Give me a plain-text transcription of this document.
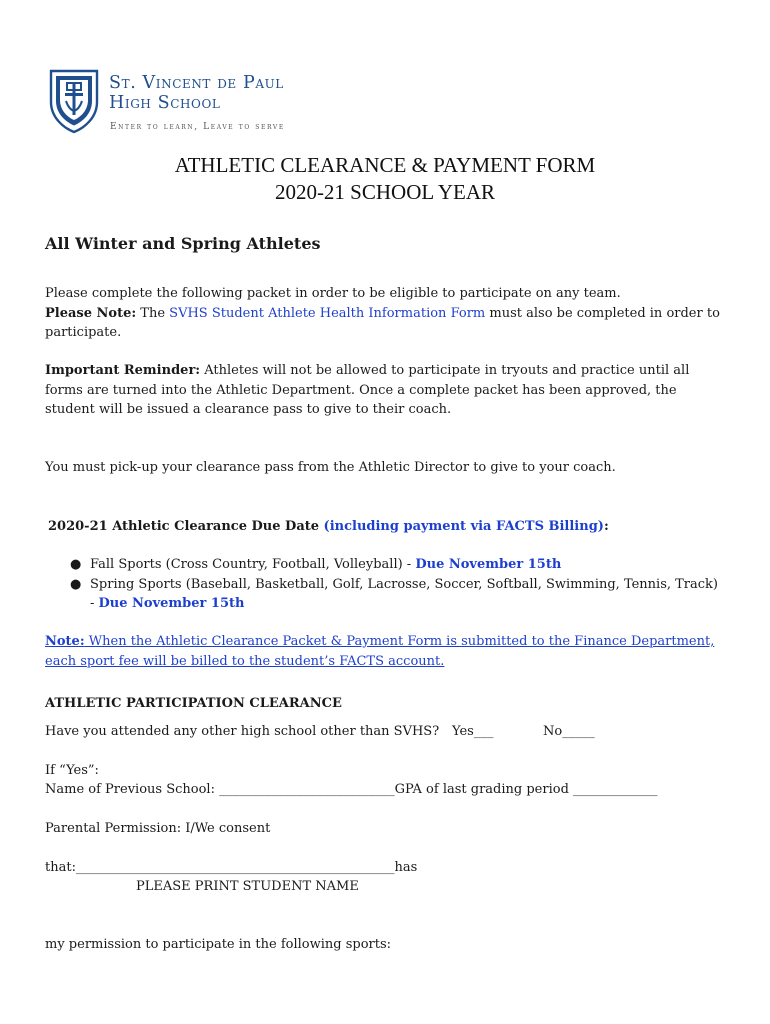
St. Vincent de Paul
High School
Enter to learn, Leave to serve
ATHLETIC CLEARANCE & PAYMENT FORM
2020-21 SCHOOL YEAR
All Winter and Spring Athletes
Please complete the following packet in order to be eligible to participate on any team.
Please Note: The SVHS Student Athlete Health Information Form must also be completed in order to participate.
Important Reminder: Athletes will not be allowed to participate in tryouts and practice until all forms are turned into the Athletic Department. Once a complete packet has been approved, the student will be issued a clearance pass to give to their coach.
You must pick-up your clearance pass from the Athletic Director to give to your coach.
2020-21 Athletic Clearance Due Date (including payment via FACTS Billing):
● Fall Sports (Cross Country, Football, Volleyball) - Due November 15th
● Spring Sports (Baseball, Basketball, Golf, Lacrosse, Soccer, Softball, Swimming, Tennis, Track) - Due November 15th
Note: When the Athletic Clearance Packet & Payment Form is submitted to the Finance Department, each sport fee will be billed to the student’s FACTS account.
ATHLETIC PARTICIPATION CLEARANCE
Have you attended any other high school other than SVHS? Yes___	No_____
If “Yes”:
Name of Previous School: ___________________________GPA of last grading period _____________
Parental Permission: I/We consent
that:_________________________________________________has
PLEASE PRINT STUDENT NAME
my permission to participate in the following sports:
